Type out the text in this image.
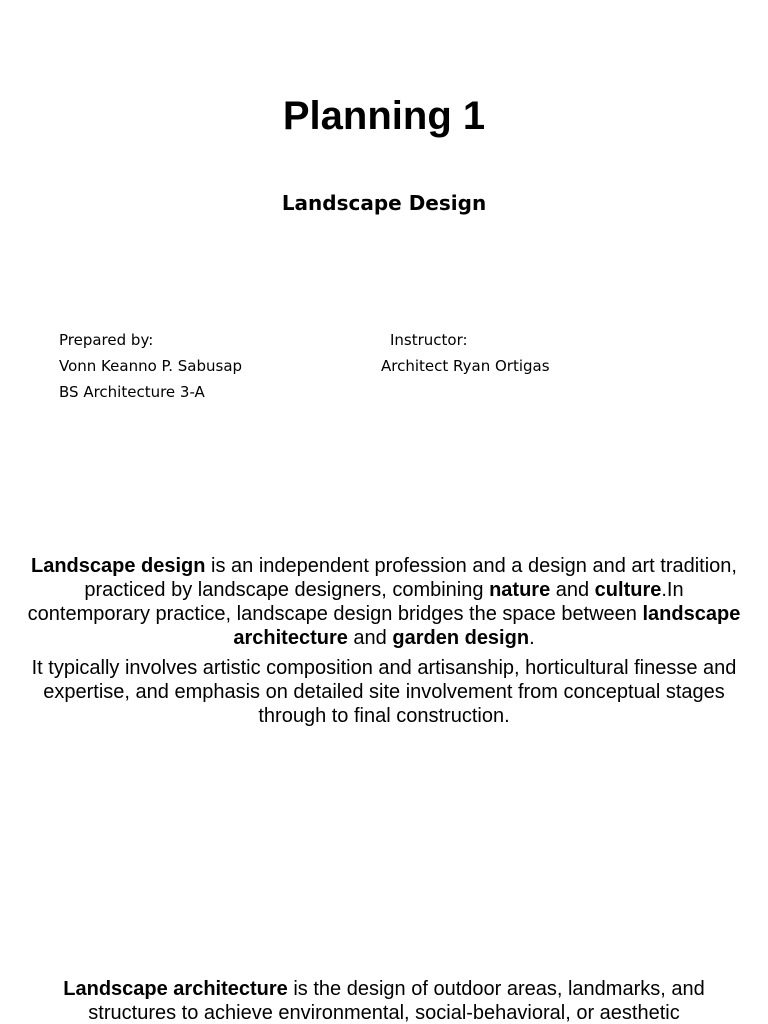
Planning 1
Landscape Design
Prepared by:
Vonn Keanno P. Sabusap
BS Architecture 3-A
Instructor:
Architect Ryan Ortigas
Landscape design is an independent profession and a design and art tradition, practiced by landscape designers, combining nature and culture.In contemporary practice, landscape design bridges the space between landscape architecture and garden design.
It typically involves artistic composition and artisanship, horticultural finesse and expertise, and emphasis on detailed site involvement from conceptual stages through to final construction.
Landscape architecture is the design of outdoor areas, landmarks, and structures to achieve environmental, social-behavioral, or aesthetic
